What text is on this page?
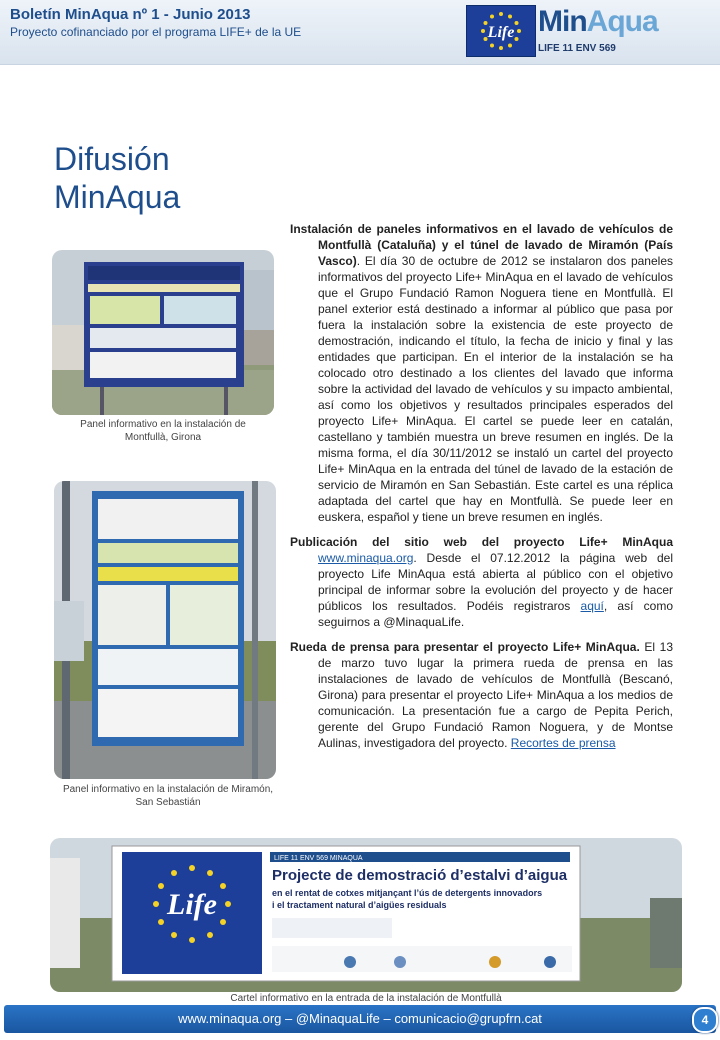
Boletín MinAqua nº 1 - Junio 2013
Proyecto cofinanciado por el programa LIFE+ de la UE	Life MinAqua
LIFE 11 ENV 569
Difusión
MinAqua
Panel informativo en la instalación de Montfullà, Girona
Panel informativo en la instalación de Miramón, San Sebastián

Instalación de paneles informativos en el lavado de vehículos de Montfullà (Cataluña) y el túnel de lavado de Miramón (País Vasco). El día 30 de octubre de 2012 se instalaron dos paneles informativos del proyecto Life+ MinAqua en el lavado de vehículos que el Grupo Fundació Ramon Noguera tiene en Montfullà. El panel exterior está destinado a informar al público que pasa por fuera la instalación sobre la existencia de este proyecto de demostración, indicando el título, la fecha de inicio y final y las entidades que participan. En el interior de la instalación se ha colocado otro destinado a los clientes del lavado que informa sobre la actividad del lavado de vehículos y su impacto ambiental, así como los objetivos y resultados principales esperados del proyecto Life+ MinAqua. El cartel se puede leer en catalán, castellano y también muestra un breve resumen en inglés. De la misma forma, el día 30/11/2012 se instaló un cartel del proyecto Life+ MinAqua en la entrada del túnel de lavado de la estación de servicio de Miramón en San Sebastián. Este cartel es una réplica adaptada del cartel que hay en Montfullà. Se puede leer en euskera, español y tiene un breve resumen en inglés.

Publicación del sitio web del proyecto Life+ MinAqua www.minaqua.org. Desde el 07.12.2012 la página web del proyecto Life MinAqua está abierta al público con el objetivo principal de informar sobre la evolución del proyecto y de hacer públicos los resultados. Podéis registraros aquí, así como seguirnos a @MinaquaLife.

Rueda de prensa para presentar el proyecto Life+ MinAqua. El 13 de marzo tuvo lugar la primera rueda de prensa en las instalaciones de lavado de vehículos de Montfullà (Bescanó, Girona) para presentar el proyecto Life+ MinAqua a los medios de comunicación. La presentación fue a cargo de Pepita Perich, gerente del Grupo Fundació Ramon Noguera, y de Montse Aulinas, investigadora del proyecto. Recortes de prensa

Life
LIFE 11 ENV 569 MINAQUA
Projecte de demostració d’estalvi d’aigua
en el rentat de cotxes mitjançant l’ús de detergents innovadors
i el tractament natural d’aigües residuals
Cartel informativo en la entrada de la instalación de Montfullà
www.minaqua.org – @MinaquaLife – comunicacio@grupfrn.cat	4
